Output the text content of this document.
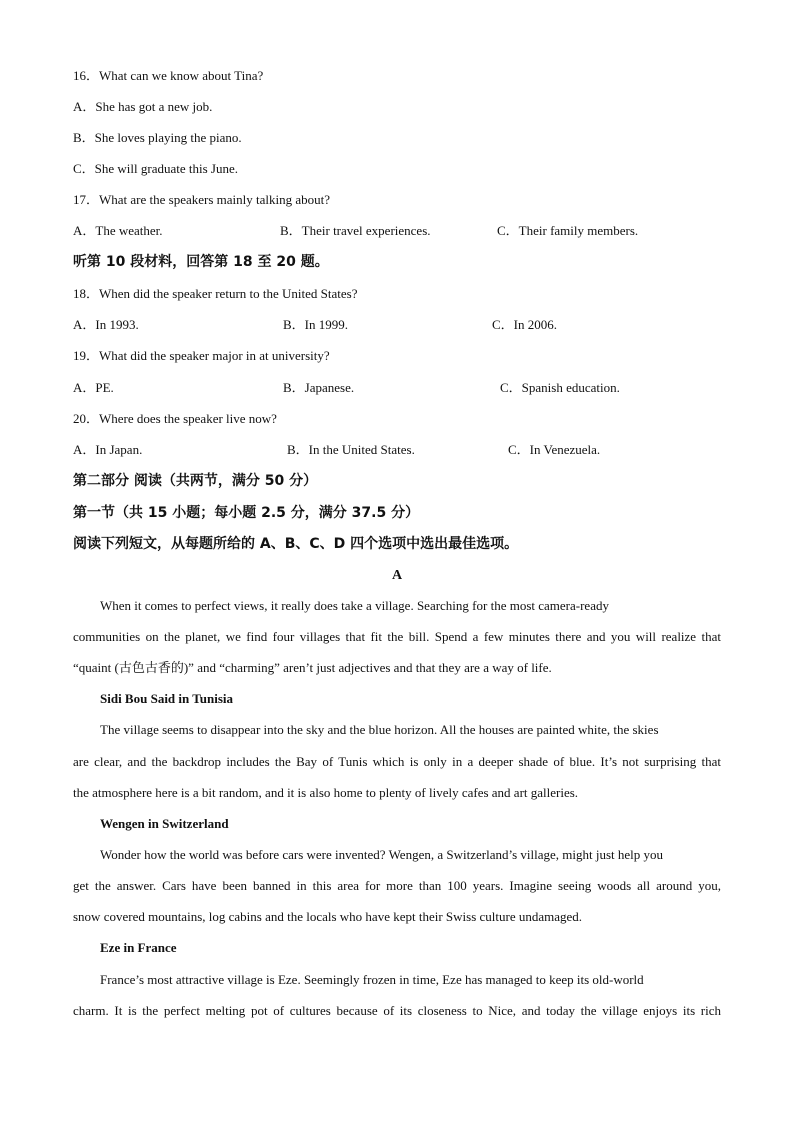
16．What can we know about Tina?
A．She has got a new job.
B．She loves playing the piano.
C．She will graduate this June.
17．What are the speakers mainly talking about?
A．The weather.	B．Their travel experiences.	C．Their family members.
听第 10 段材料，回答第 18 至 20 题。
18．When did the speaker return to the United States?
A．In 1993.	B．In 1999.	C．In 2006.
19．What did the speaker major in at university?
A．PE.	B．Japanese.	C．Spanish education.
20．Where does the speaker live now?
A．In Japan.	B．In the United States.	C．In Venezuela.
第二部分 阅读（共两节，满分 50 分）
第一节（共 15 小题；每小题 2.5 分，满分 37.5 分）
阅读下列短文，从每题所给的 A、B、C、D 四个选项中选出最佳选项。
A
When it comes to perfect views, it really does take a village. Searching for the most camera-ready
communities on the planet, we find four villages that fit the bill. Spend a few minutes there and you will realize that
“quaint (古色古香的)” and “charming” aren’t just adjectives and that they are a way of life.
Sidi Bou Said in Tunisia
The village seems to disappear into the sky and the blue horizon. All the houses are painted white, the skies
are clear, and the backdrop includes the Bay of Tunis which is only in a deeper shade of blue. It’s not surprising that
the atmosphere here is a bit random, and it is also home to plenty of lively cafes and art galleries.
Wengen in Switzerland
Wonder how the world was before cars were invented? Wengen, a Switzerland’s village, might just help you
get the answer. Cars have been banned in this area for more than 100 years. Imagine seeing woods all around you,
snow covered mountains, log cabins and the locals who have kept their Swiss culture undamaged.
Eze in France
France’s most attractive village is Eze. Seemingly frozen in time, Eze has managed to keep its old-world
charm. It is the perfect melting pot of cultures because of its closeness to Nice, and today the village enjoys its rich
